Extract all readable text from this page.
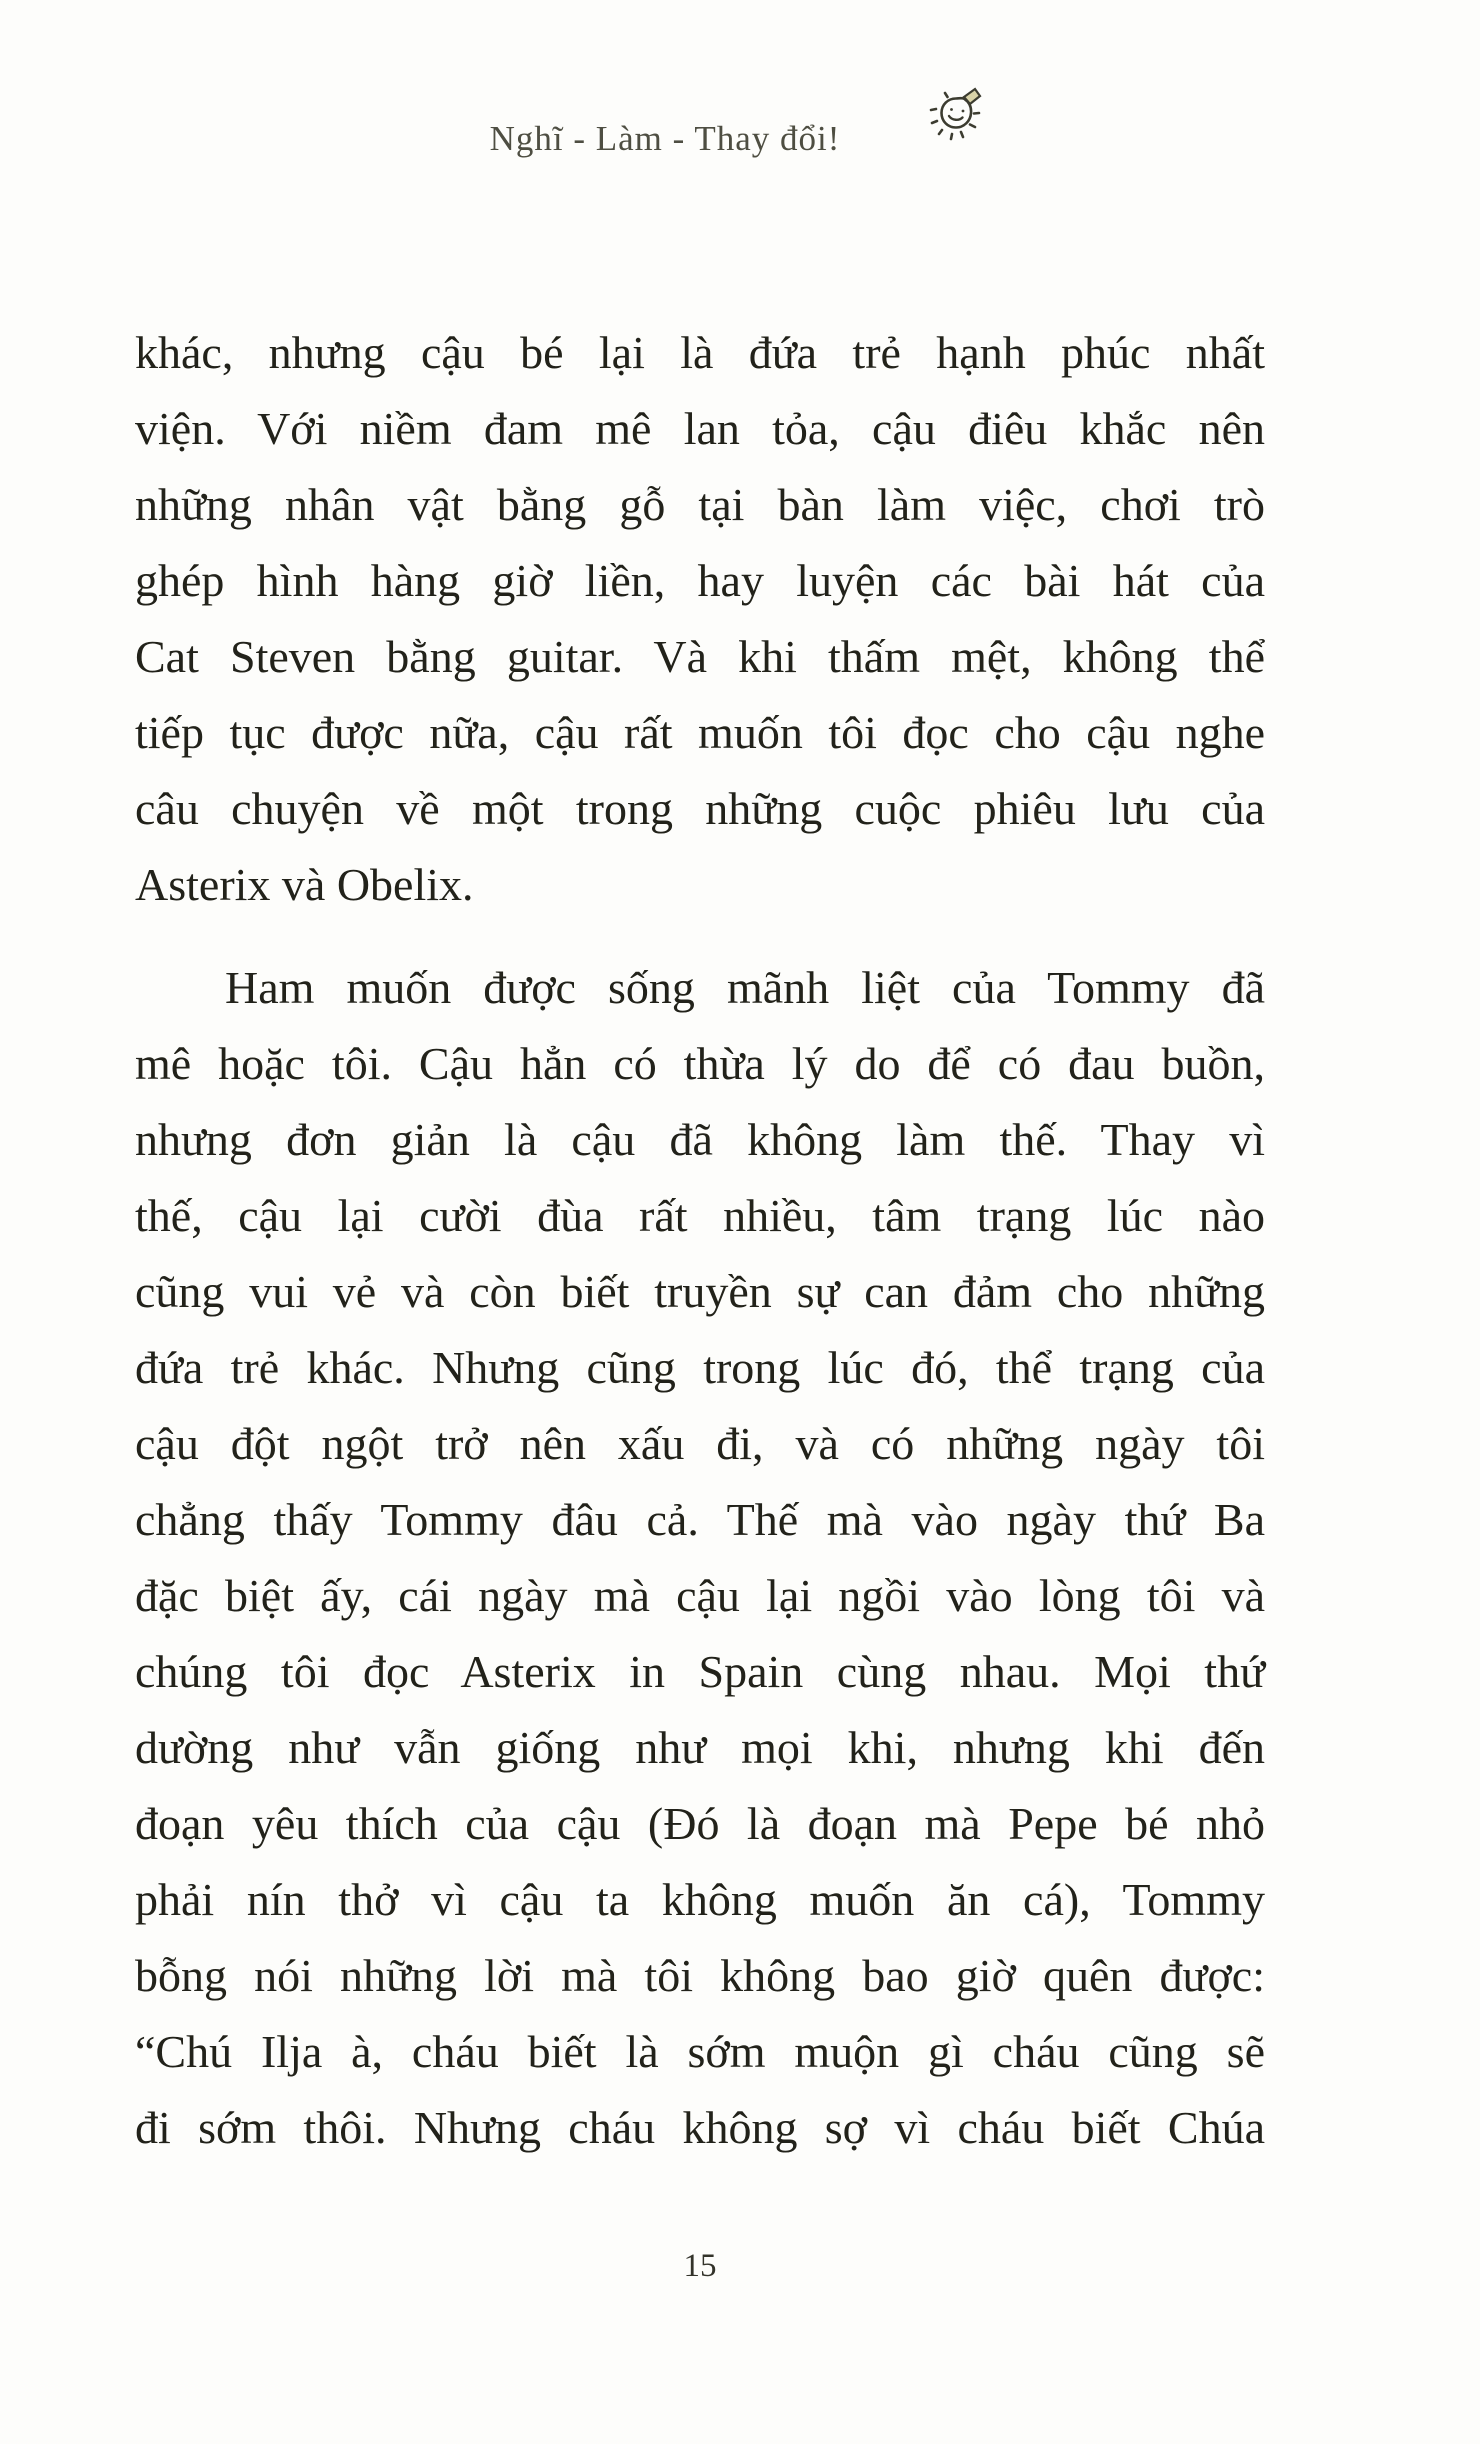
Nghĩ - Làm - Thay đổi!
khác, nhưng cậu bé lại là đứa trẻ hạnh phúc nhất
viện. Với niềm đam mê lan tỏa, cậu điêu khắc nên
những nhân vật bằng gỗ tại bàn làm việc, chơi trò
ghép hình hàng giờ liền, hay luyện các bài hát của
Cat Steven bằng guitar. Và khi thấm mệt, không thể
tiếp tục được nữa, cậu rất muốn tôi đọc cho cậu nghe
câu chuyện về một trong những cuộc phiêu lưu của
Asterix và Obelix.
Ham muốn được sống mãnh liệt của Tommy đã
mê hoặc tôi. Cậu hẳn có thừa lý do để có đau buồn,
nhưng đơn giản là cậu đã không làm thế. Thay vì
thế, cậu lại cười đùa rất nhiều, tâm trạng lúc nào
cũng vui vẻ và còn biết truyền sự can đảm cho những
đứa trẻ khác. Nhưng cũng trong lúc đó, thể trạng của
cậu đột ngột trở nên xấu đi, và có những ngày tôi
chẳng thấy Tommy đâu cả. Thế mà vào ngày thứ Ba
đặc biệt ấy, cái ngày mà cậu lại ngồi vào lòng tôi và
chúng tôi đọc Asterix in Spain cùng nhau. Mọi thứ
dường như vẫn giống như mọi khi, nhưng khi đến
đoạn yêu thích của cậu (Đó là đoạn mà Pepe bé nhỏ
phải nín thở vì cậu ta không muốn ăn cá), Tommy
bỗng nói những lời mà tôi không bao giờ quên được:
“Chú Ilja à, cháu biết là sớm muộn gì cháu cũng sẽ
đi sớm thôi. Nhưng cháu không sợ vì cháu biết Chúa
15
